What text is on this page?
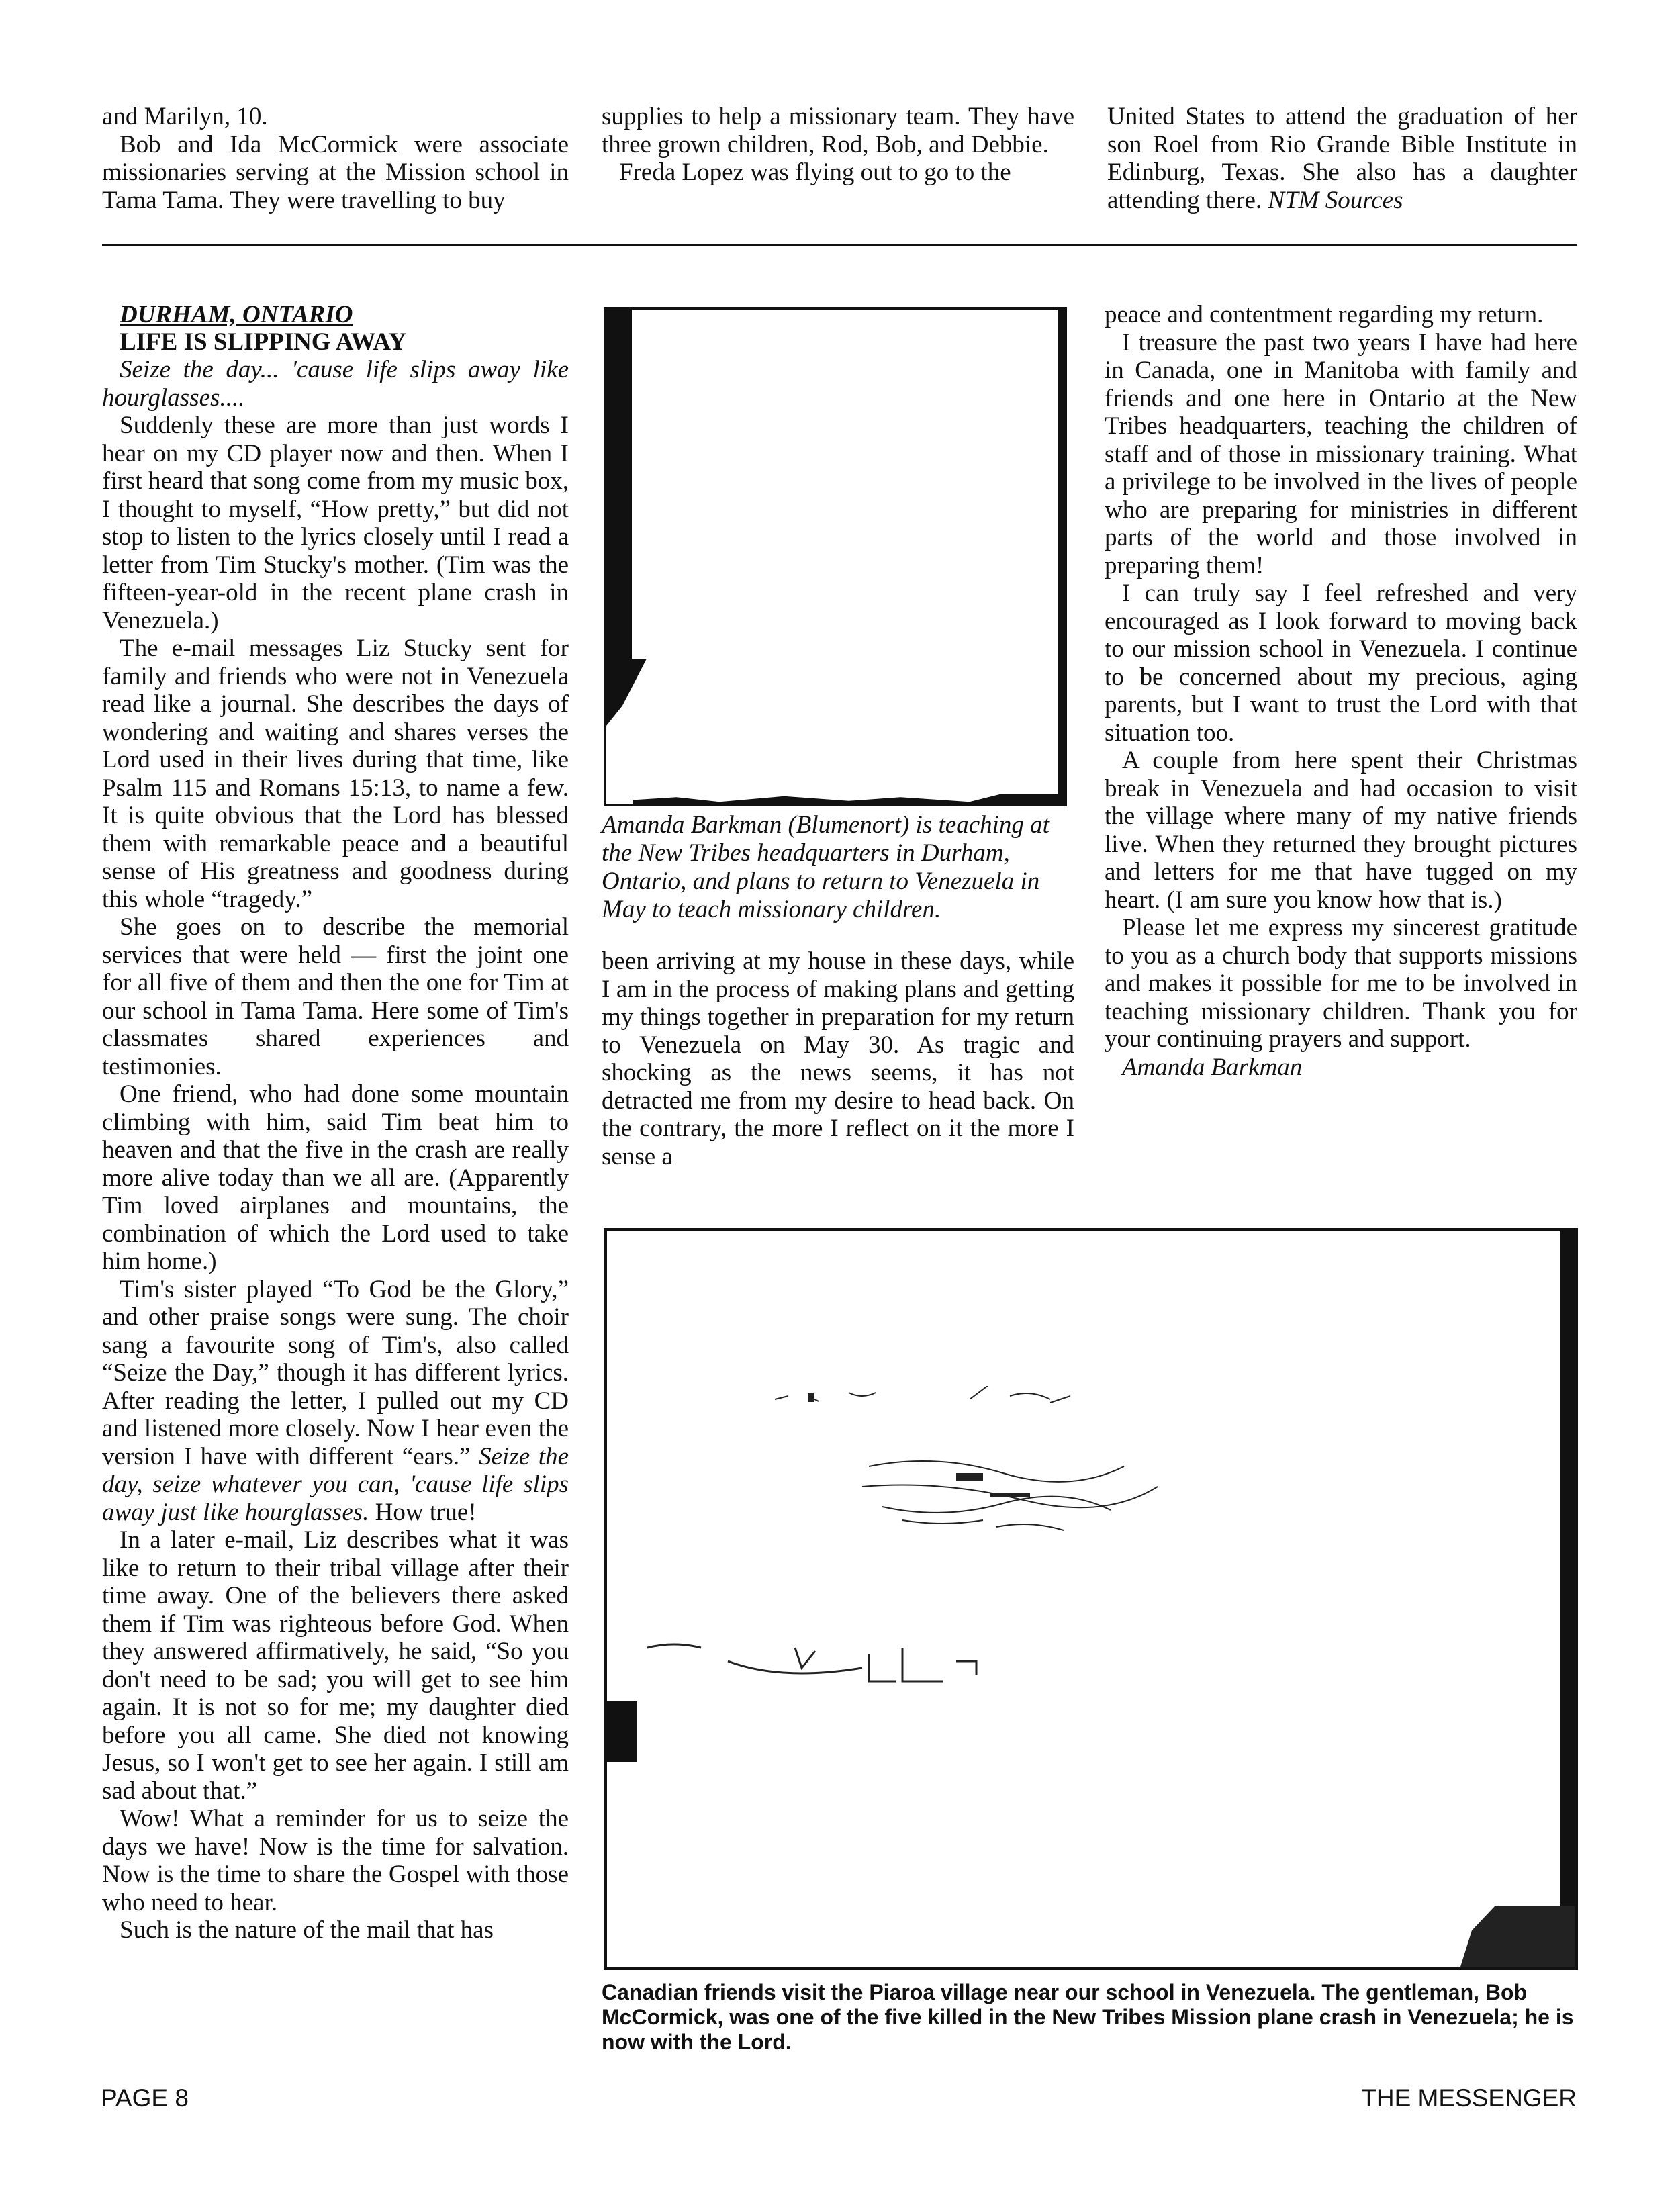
and Marilyn, 10.

Bob and Ida McCormick were associate missionaries serving at the Mission school in Tama Tama. They were travelling to buy

supplies to help a missionary team. They have three grown children, Rod, Bob, and Debbie.

Freda Lopez was flying out to go to the

United States to attend the graduation of her son Roel from Rio Grande Bible Institute in Edinburg, Texas. She also has a daughter attending there. NTM Sources

DURHAM, ONTARIO

LIFE IS SLIPPING AWAY

Seize the day... 'cause life slips away like hourglasses....

Suddenly these are more than just words I hear on my CD player now and then. When I first heard that song come from my music box, I thought to myself, “How pretty,” but did not stop to listen to the lyrics closely until I read a letter from Tim Stucky's mother. (Tim was the fifteen-year-old in the recent plane crash in Venezuela.)

The e-mail messages Liz Stucky sent for family and friends who were not in Venezuela read like a journal. She describes the days of wondering and waiting and shares verses the Lord used in their lives during that time, like Psalm 115 and Romans 15:13, to name a few. It is quite obvious that the Lord has blessed them with remarkable peace and a beautiful sense of His greatness and goodness during this whole “tragedy.”

She goes on to describe the memorial services that were held — first the joint one for all five of them and then the one for Tim at our school in Tama Tama. Here some of Tim's classmates shared experiences and testimonies.

One friend, who had done some mountain climbing with him, said Tim beat him to heaven and that the five in the crash are really more alive today than we all are. (Apparently Tim loved airplanes and mountains, the combination of which the Lord used to take him home.)

Tim's sister played “To God be the Glory,” and other praise songs were sung. The choir sang a favourite song of Tim's, also called “Seize the Day,” though it has different lyrics. After reading the letter, I pulled out my CD and listened more closely. Now I hear even the version I have with different “ears.” Seize the day, seize whatever you can, 'cause life slips away just like hourglasses. How true!

In a later e-mail, Liz describes what it was like to return to their tribal village after their time away. One of the believers there asked them if Tim was righteous before God. When they answered affirmatively, he said, “So you don't need to be sad; you will get to see him again. It is not so for me; my daughter died before you all came. She died not knowing Jesus, so I won't get to see her again. I still am sad about that.”

Wow! What a reminder for us to seize the days we have! Now is the time for salvation. Now is the time to share the Gospel with those who need to hear.

Such is the nature of the mail that has

Amanda Barkman (Blumenort) is teaching at the New Tribes headquarters in Durham, Ontario, and plans to return to Venezuela in May to teach missionary children.

been arriving at my house in these days, while I am in the process of making plans and getting my things together in preparation for my return to Venezuela on May 30. As tragic and shocking as the news seems, it has not detracted me from my desire to head back. On the contrary, the more I reflect on it the more I sense a

peace and contentment regarding my return.

I treasure the past two years I have had here in Canada, one in Manitoba with family and friends and one here in Ontario at the New Tribes headquarters, teaching the children of staff and of those in missionary training. What a privilege to be involved in the lives of people who are preparing for ministries in different parts of the world and those involved in preparing them!

I can truly say I feel refreshed and very encouraged as I look forward to moving back to our mission school in Venezuela. I continue to be concerned about my precious, aging parents, but I want to trust the Lord with that situation too.

A couple from here spent their Christmas break in Venezuela and had occasion to visit the village where many of my native friends live. When they returned they brought pictures and letters for me that have tugged on my heart. (I am sure you know how that is.)

Please let me express my sincerest gratitude to you as a church body that supports missions and makes it possible for me to be involved in teaching missionary children. Thank you for your continuing prayers and support.

Amanda Barkman

Canadian friends visit the Piaroa village near our school in Venezuela. The gentleman, Bob McCormick, was one of the five killed in the New Tribes Mission plane crash in Venezuela; he is now with the Lord.

PAGE 8	THE MESSENGER
